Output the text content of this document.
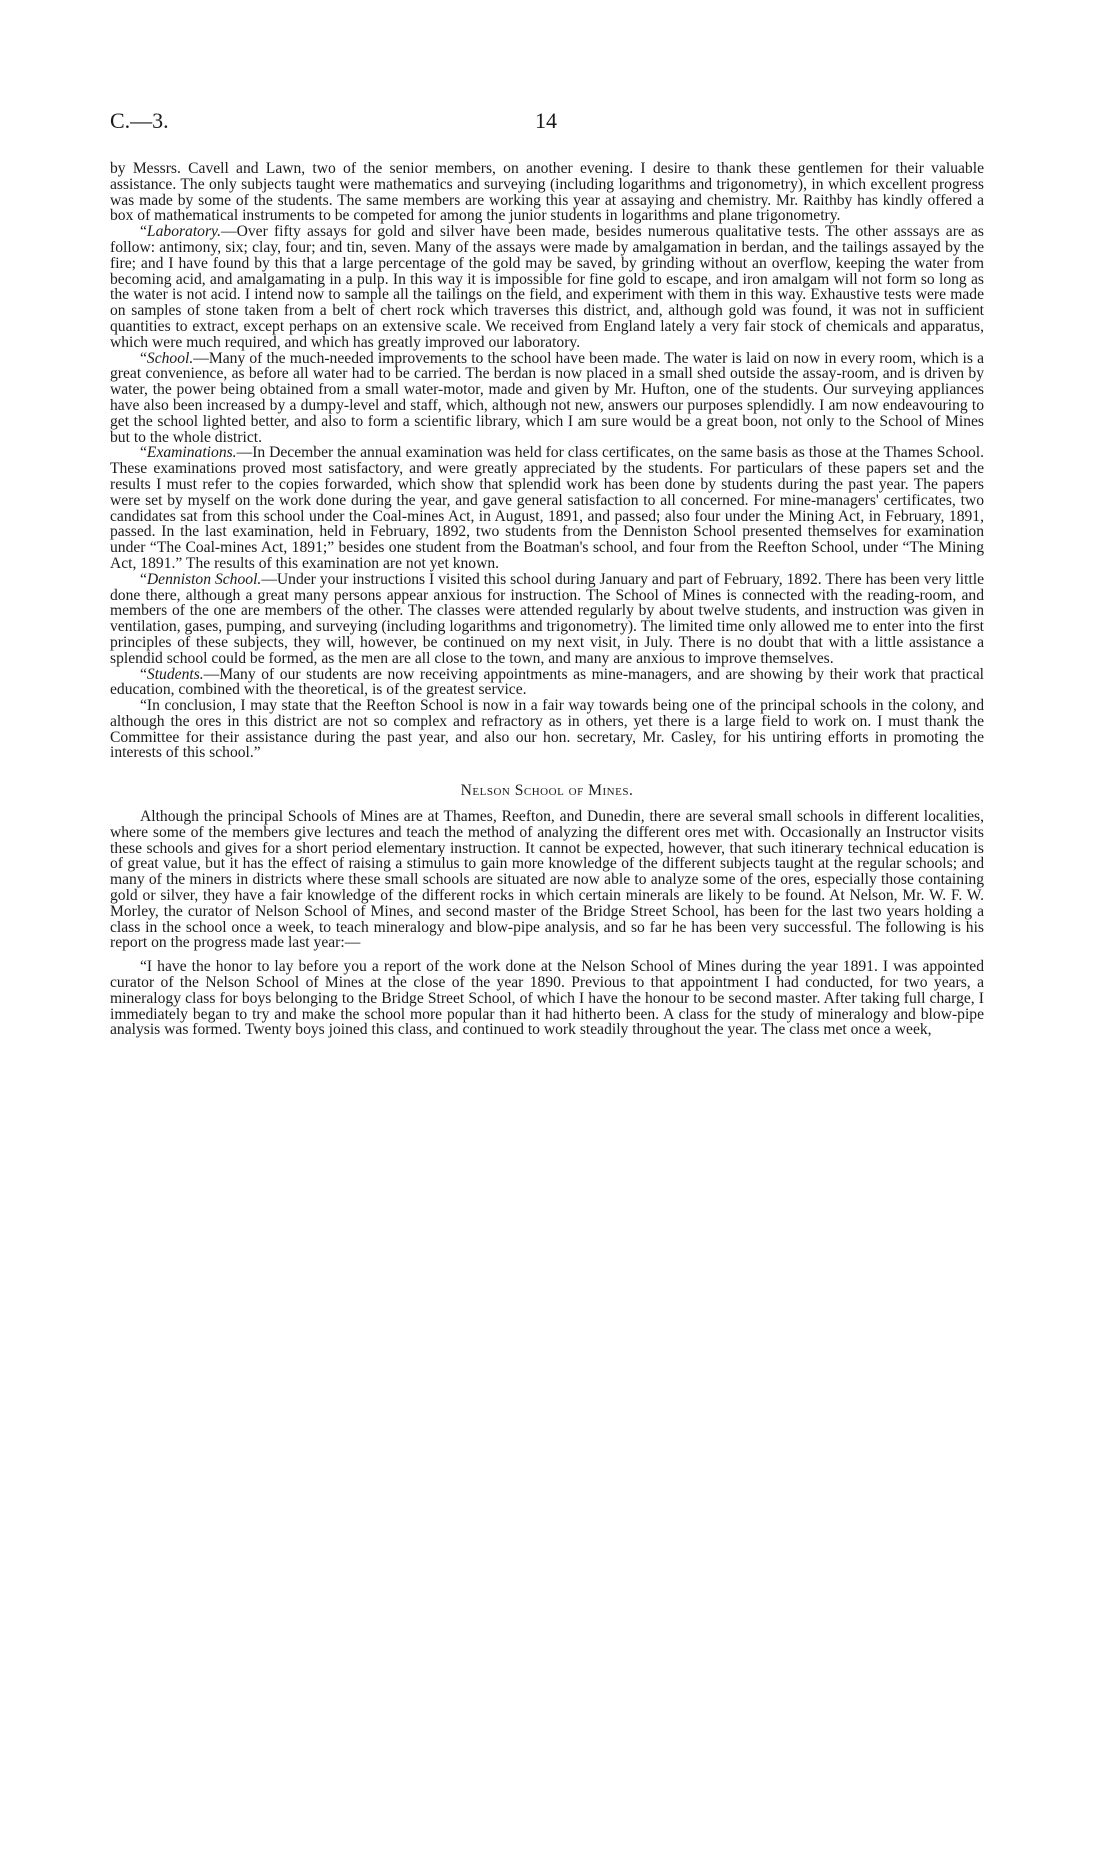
C.—3.	14

by Messrs. Cavell and Lawn, two of the senior members, on another evening. I desire to thank these gentlemen for their valuable assistance. The only subjects taught were mathematics and surveying (including logarithms and trigonometry), in which excellent progress was made by some of the students. The same members are working this year at assaying and chemistry. Mr. Raithby has kindly offered a box of mathematical instruments to be competed for among the junior students in logarithms and plane trigonometry.

“Laboratory.—Over fifty assays for gold and silver have been made, besides numerous qualitative tests. The other asssays are as follow: antimony, six; clay, four; and tin, seven. Many of the assays were made by amalgamation in berdan, and the tailings assayed by the fire; and I have found by this that a large percentage of the gold may be saved, by grinding without an overflow, keeping the water from becoming acid, and amalgamating in a pulp. In this way it is impossible for fine gold to escape, and iron amalgam will not form so long as the water is not acid. I intend now to sample all the tailings on the field, and experiment with them in this way. Exhaustive tests were made on samples of stone taken from a belt of chert rock which traverses this district, and, although gold was found, it was not in sufficient quantities to extract, except perhaps on an extensive scale. We received from England lately a very fair stock of chemicals and apparatus, which were much required, and which has greatly improved our laboratory.

“School.—Many of the much-needed improvements to the school have been made. The water is laid on now in every room, which is a great convenience, as before all water had to be carried. The berdan is now placed in a small shed outside the assay-room, and is driven by water, the power being obtained from a small water-motor, made and given by Mr. Hufton, one of the students. Our surveying appliances have also been increased by a dumpy-level and staff, which, although not new, answers our purposes splendidly. I am now endeavouring to get the school lighted better, and also to form a scientific library, which I am sure would be a great boon, not only to the School of Mines but to the whole district.

“Examinations.—In December the annual examination was held for class certificates, on the same basis as those at the Thames School. These examinations proved most satisfactory, and were greatly appreciated by the students. For particulars of these papers set and the results I must refer to the copies forwarded, which show that splendid work has been done by students during the past year. The papers were set by myself on the work done during the year, and gave general satisfaction to all concerned. For mine-managers' certificates, two candidates sat from this school under the Coal-mines Act, in August, 1891, and passed; also four under the Mining Act, in February, 1891, passed. In the last examination, held in February, 1892, two students from the Denniston School presented themselves for examination under “The Coal-mines Act, 1891;” besides one student from the Boatman's school, and four from the Reefton School, under “The Mining Act, 1891.” The results of this examination are not yet known.

“Denniston School.—Under your instructions I visited this school during January and part of February, 1892. There has been very little done there, although a great many persons appear anxious for instruction. The School of Mines is connected with the reading-room, and members of the one are members of the other. The classes were attended regularly by about twelve students, and instruction was given in ventilation, gases, pumping, and surveying (including logarithms and trigonometry). The limited time only allowed me to enter into the first principles of these subjects, they will, however, be continued on my next visit, in July. There is no doubt that with a little assistance a splendid school could be formed, as the men are all close to the town, and many are anxious to improve themselves.

“Students.—Many of our students are now receiving appointments as mine-managers, and are showing by their work that practical education, combined with the theoretical, is of the greatest service.

“In conclusion, I may state that the Reefton School is now in a fair way towards being one of the principal schools in the colony, and although the ores in this district are not so complex and refractory as in others, yet there is a large field to work on. I must thank the Committee for their assistance during the past year, and also our hon. secretary, Mr. Casley, for his untiring efforts in promoting the interests of this school.”

Nelson School of Mines.

Although the principal Schools of Mines are at Thames, Reefton, and Dunedin, there are several small schools in different localities, where some of the members give lectures and teach the method of analyzing the different ores met with. Occasionally an Instructor visits these schools and gives for a short period elementary instruction. It cannot be expected, however, that such itinerary technical education is of great value, but it has the effect of raising a stimulus to gain more knowledge of the different subjects taught at the regular schools; and many of the miners in districts where these small schools are situated are now able to analyze some of the ores, especially those containing gold or silver, they have a fair knowledge of the different rocks in which certain minerals are likely to be found. At Nelson, Mr. W. F. W. Morley, the curator of Nelson School of Mines, and second master of the Bridge Street School, has been for the last two years holding a class in the school once a week, to teach mineralogy and blow-pipe analysis, and so far he has been very successful. The following is his report on the progress made last year:—

“I have the honor to lay before you a report of the work done at the Nelson School of Mines during the year 1891. I was appointed curator of the Nelson School of Mines at the close of the year 1890. Previous to that appointment I had conducted, for two years, a mineralogy class for boys belonging to the Bridge Street School, of which I have the honour to be second master. After taking full charge, I immediately began to try and make the school more popular than it had hitherto been. A class for the study of mineralogy and blow-pipe analysis was formed. Twenty boys joined this class, and continued to work steadily throughout the year. The class met once a week,
